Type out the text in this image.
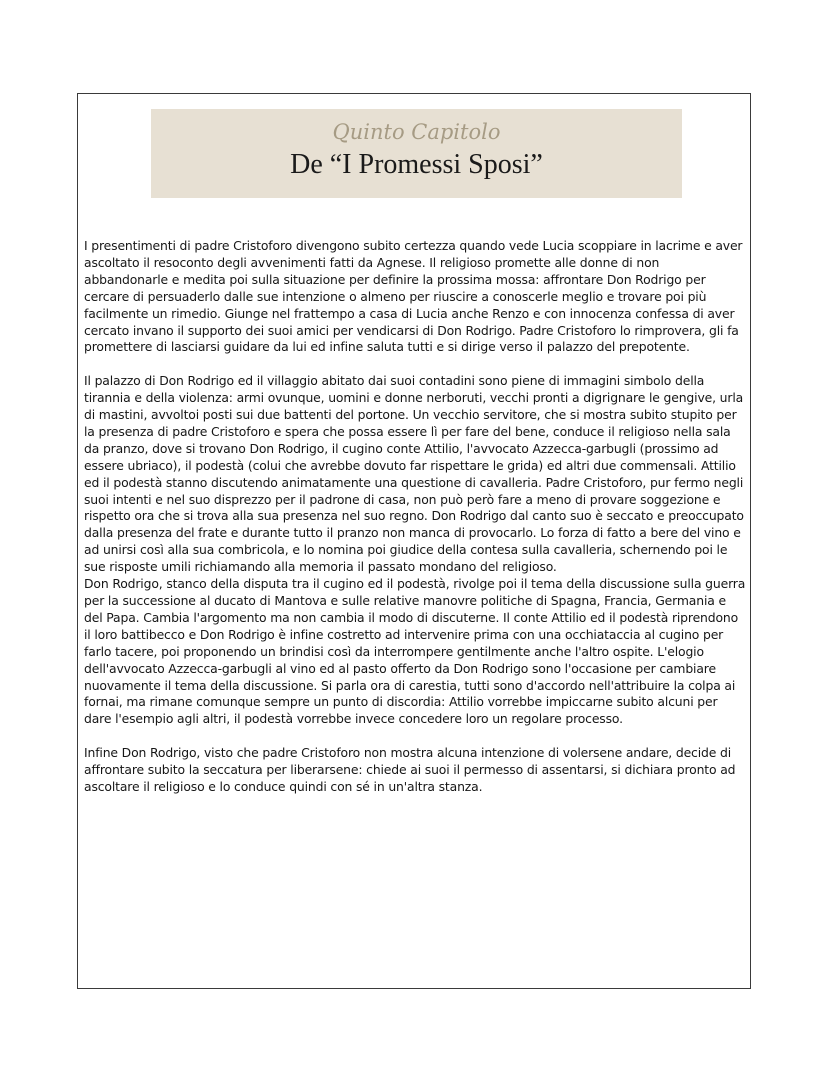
Quinto Capitolo
De “I Promessi Sposi”

I presentimenti di padre Cristoforo divengono subito certezza quando vede Lucia scoppiare in lacrime e aver ascoltato il resoconto degli avvenimenti fatti da Agnese. Il religioso promette alle donne di non abbandonarle e medita poi sulla situazione per definire la prossima mossa: affrontare Don Rodrigo per cercare di persuaderlo dalle sue intenzione o almeno per riuscire a conoscerle meglio e trovare poi più facilmente un rimedio. Giunge nel frattempo a casa di Lucia anche Renzo e con innocenza confessa di aver cercato invano il supporto dei suoi amici per vendicarsi di Don Rodrigo. Padre Cristoforo lo rimprovera, gli fa promettere di lasciarsi guidare da lui ed infine saluta tutti e si dirige verso il palazzo del prepotente.

Il palazzo di Don Rodrigo ed il villaggio abitato dai suoi contadini sono piene di immagini simbolo della tirannia e della violenza: armi ovunque, uomini e donne nerboruti, vecchi pronti a digrignare le gengive, urla di mastini, avvoltoi posti sui due battenti del portone. Un vecchio servitore, che si mostra subito stupito per la presenza di padre Cristoforo e spera che possa essere lì per fare del bene, conduce il religioso nella sala da pranzo, dove si trovano Don Rodrigo, il cugino conte Attilio, l'avvocato Azzecca-garbugli (prossimo ad essere ubriaco), il podestà (colui che avrebbe dovuto far rispettare le grida) ed altri due commensali. Attilio ed il podestà stanno discutendo animatamente una questione di cavalleria. Padre Cristoforo, pur fermo negli suoi intenti e nel suo disprezzo per il padrone di casa, non può però fare a meno di provare soggezione e rispetto ora che si trova alla sua presenza nel suo regno. Don Rodrigo dal canto suo è seccato e preoccupato dalla presenza del frate e durante tutto il pranzo non manca di provocarlo. Lo forza di fatto a bere del vino e ad unirsi così alla sua combricola, e lo nomina poi giudice della contesa sulla cavalleria, schernendo poi le sue risposte umili richiamando alla memoria il passato mondano del religioso.

Don Rodrigo, stanco della disputa tra il cugino ed il podestà, rivolge poi il tema della discussione sulla guerra per la successione al ducato di Mantova e sulle relative manovre politiche di Spagna, Francia, Germania e del Papa. Cambia l'argomento ma non cambia il modo di discuterne. Il conte Attilio ed il podestà riprendono il loro battibecco e Don Rodrigo è infine costretto ad intervenire prima con una occhiataccia al cugino per farlo tacere, poi proponendo un brindisi così da interrompere gentilmente anche l'altro ospite. L'elogio dell'avvocato Azzecca-garbugli al vino ed al pasto offerto da Don Rodrigo sono l'occasione per cambiare nuovamente il tema della discussione. Si parla ora di carestia, tutti sono d'accordo nell'attribuire la colpa ai fornai, ma rimane comunque sempre un punto di discordia: Attilio vorrebbe impiccarne subito alcuni per dare l'esempio agli altri, il podestà vorrebbe invece concedere loro un regolare processo.

Infine Don Rodrigo, visto che padre Cristoforo non mostra alcuna intenzione di volersene andare, decide di affrontare subito la seccatura per liberarsene: chiede ai suoi il permesso di assentarsi, si dichiara pronto ad ascoltare il religioso e lo conduce quindi con sé in un'altra stanza.
